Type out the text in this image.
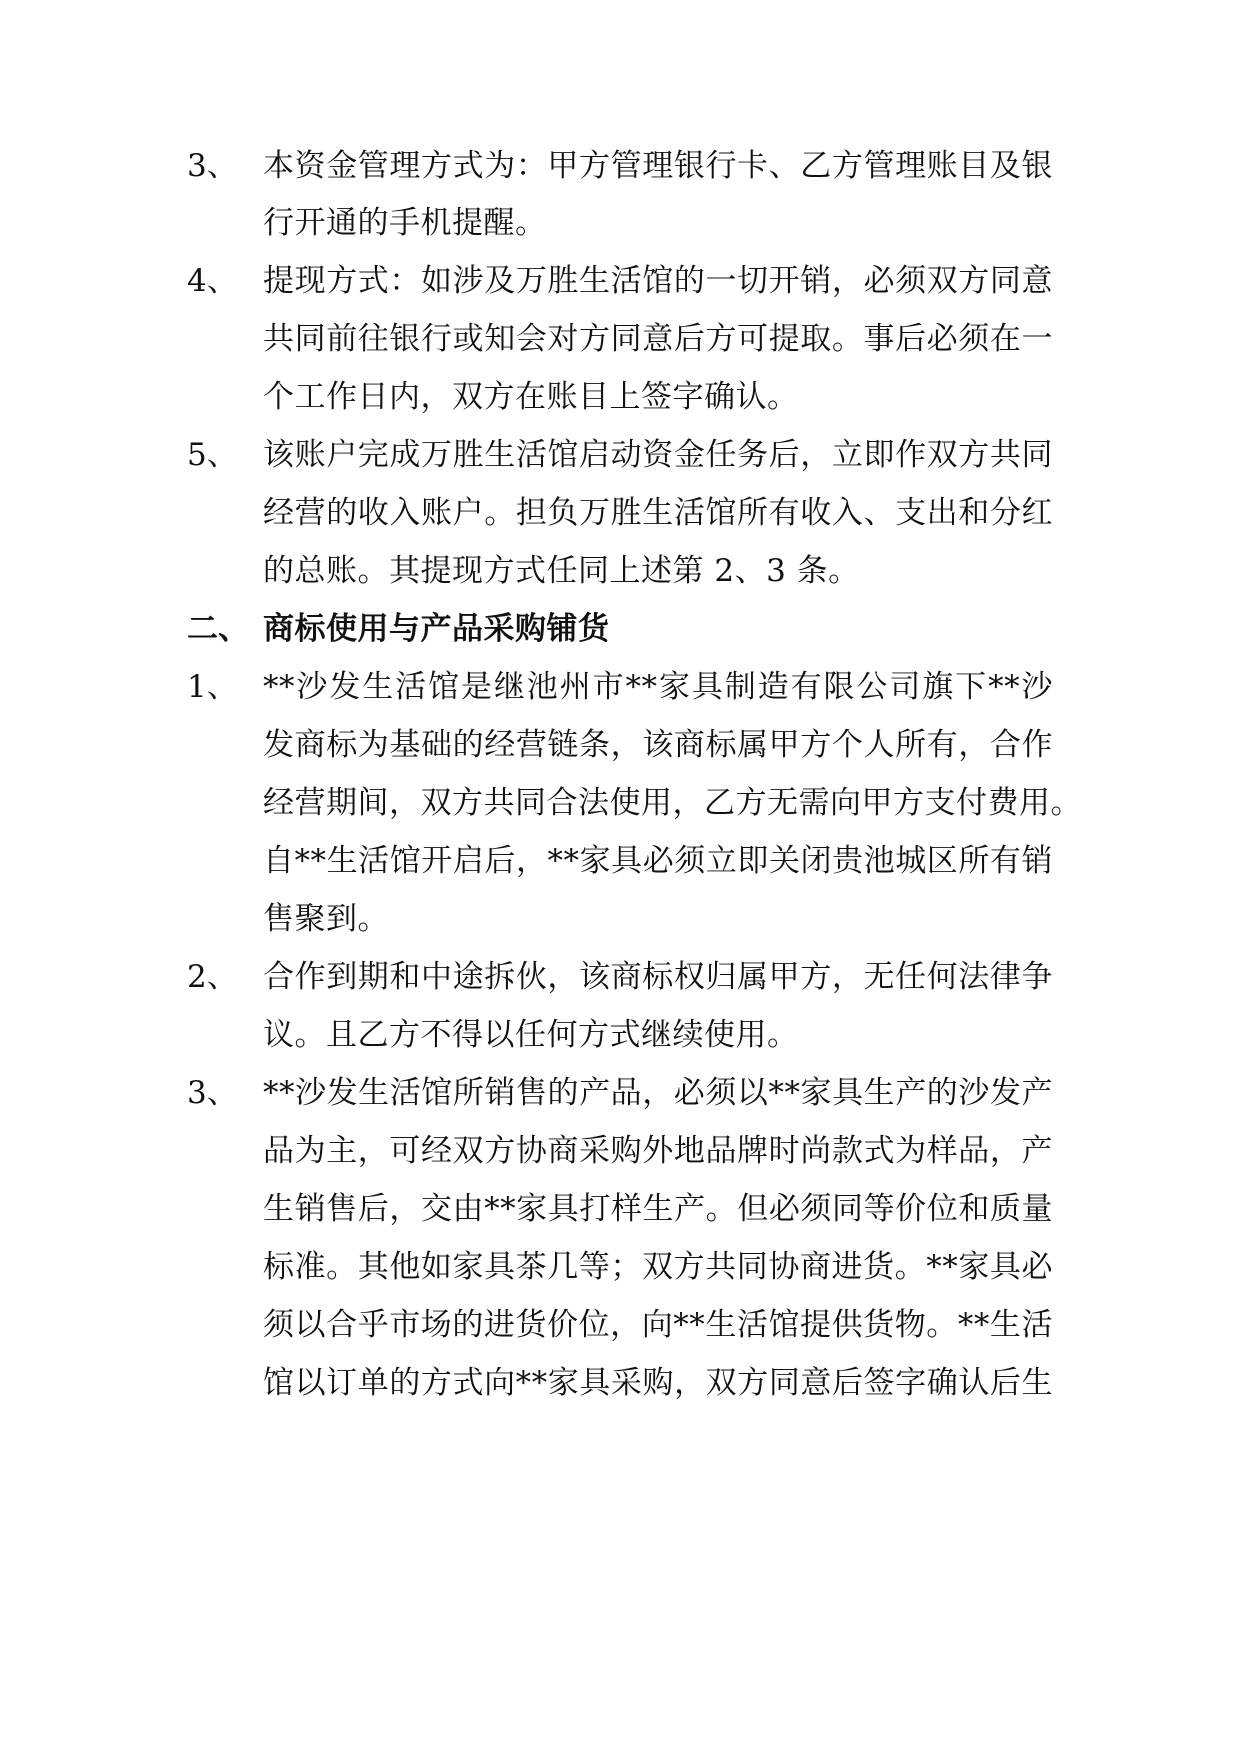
3、 本资金管理方式为：甲方管理银行卡、乙方管理账目及银
行开通的手机提醒。
4、 提现方式：如涉及万胜生活馆的一切开销，必须双方同意
共同前往银行或知会对方同意后方可提取。事后必须在一
个工作日内，双方在账目上签字确认。
5、 该账户完成万胜生活馆启动资金任务后，立即作双方共同
经营的收入账户。担负万胜生活馆所有收入、支出和分红
的总账。其提现方式任同上述第 2、3 条。
二、 商标使用与产品采购铺货
1、 **沙发生活馆是继池州市**家具制造有限公司旗下**沙
发商标为基础的经营链条，该商标属甲方个人所有，合作
经营期间，双方共同合法使用，乙方无需向甲方支付费用。
自**生活馆开启后，**家具必须立即关闭贵池城区所有销
售聚到。
2、 合作到期和中途拆伙，该商标权归属甲方，无任何法律争
议。且乙方不得以任何方式继续使用。
3、 **沙发生活馆所销售的产品，必须以**家具生产的沙发产
品为主，可经双方协商采购外地品牌时尚款式为样品，产
生销售后，交由**家具打样生产。但必须同等价位和质量
标准。其他如家具茶几等；双方共同协商进货。**家具必
须以合乎市场的进货价位，向**生活馆提供货物。**生活
馆以订单的方式向**家具采购，双方同意后签字确认后生
